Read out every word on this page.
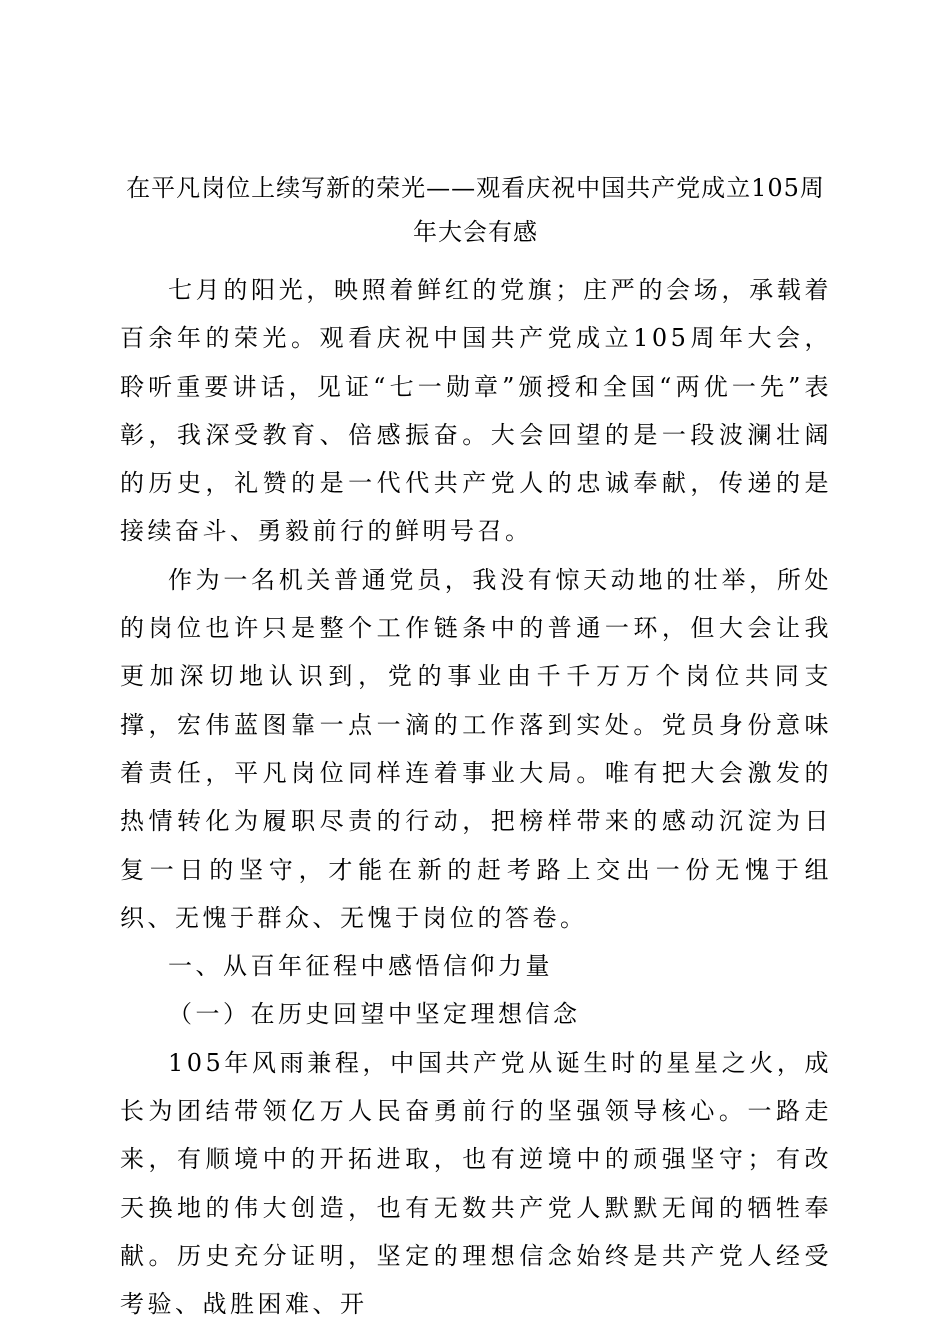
在平凡岗位上续写新的荣光——观看庆祝中国共产党成立105周年大会有感

七月的阳光，映照着鲜红的党旗；庄严的会场，承载着百余年的荣光。观看庆祝中国共产党成立105周年大会，聆听重要讲话，见证“七一勋章”颁授和全国“两优一先”表彰，我深受教育、倍感振奋。大会回望的是一段波澜壮阔的历史，礼赞的是一代代共产党人的忠诚奉献，传递的是接续奋斗、勇毅前行的鲜明号召。

作为一名机关普通党员，我没有惊天动地的壮举，所处的岗位也许只是整个工作链条中的普通一环，但大会让我更加深切地认识到，党的事业由千千万万个岗位共同支撑，宏伟蓝图靠一点一滴的工作落到实处。党员身份意味着责任，平凡岗位同样连着事业大局。唯有把大会激发的热情转化为履职尽责的行动，把榜样带来的感动沉淀为日复一日的坚守，才能在新的赶考路上交出一份无愧于组织、无愧于群众、无愧于岗位的答卷。

一、从百年征程中感悟信仰力量

（一）在历史回望中坚定理想信念

105年风雨兼程，中国共产党从诞生时的星星之火，成长为团结带领亿万人民奋勇前行的坚强领导核心。一路走来，有顺境中的开拓进取，也有逆境中的顽强坚守；有改天换地的伟大创造，也有无数共产党人默默无闻的牺牲奉献。历史充分证明，坚定的理想信念始终是共产党人经受考验、战胜困难、开
